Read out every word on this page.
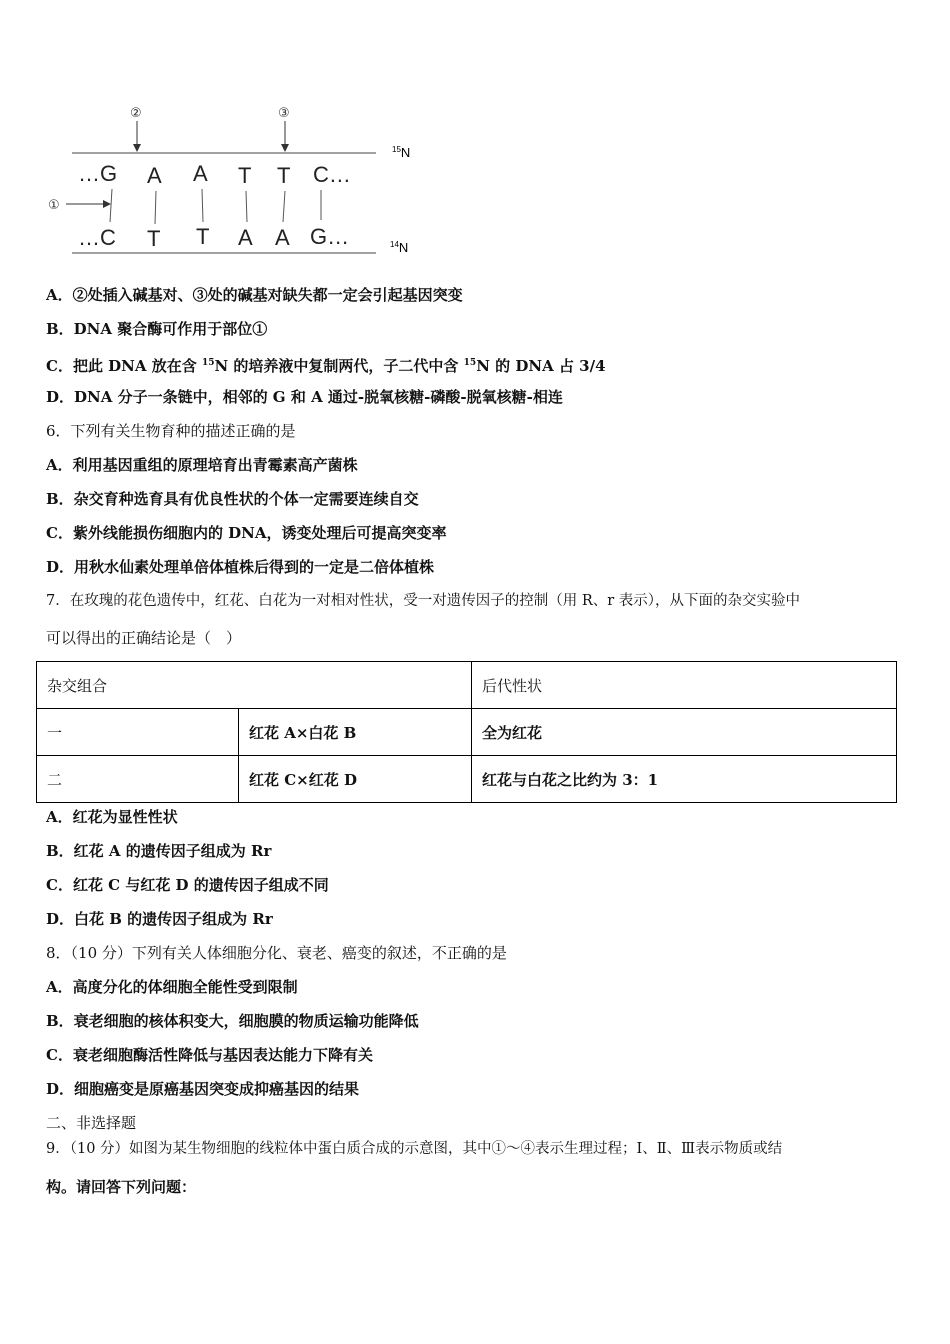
$^{15}$N
$^{14}$N
…G A A T T C…
…C T T A A G…
②	③
①
A．②处插入碱基对、③处的碱基对缺失都一定会引起基因突变
B．DNA 聚合酶可作用于部位①
C．把此 DNA 放在含 $^{15}$N 的培养液中复制两代，子二代中含 $^{15}$N 的 DNA 占 3/4
D．DNA 分子一条链中，相邻的 G 和 A 通过-脱氧核糖-磷酸-脱氧核糖-相连
6．下列有关生物育种的描述正确的是
A．利用基因重组的原理培育出青霉素高产菌株
B．杂交育种选育具有优良性状的个体一定需要连续自交
C．紫外线能损伤细胞内的 DNA，诱变处理后可提高突变率
D．用秋水仙素处理单倍体植株后得到的一定是二倍体植株
7．在玫瑰的花色遗传中，红花、白花为一对相对性状，受一对遗传因子的控制（用 R、r 表示），从下面的杂交实验中
可以得出的正确结论是（　）
杂交组合		后代性状
一	红花 A×白花 B	全为红花
二	红花 C×红花 D	红花与白花之比约为 3：1
A．红花为显性性状
B．红花 A 的遗传因子组成为 Rr
C．红花 C 与红花 D 的遗传因子组成不同
D．白花 B 的遗传因子组成为 Rr
8．（10 分）下列有关人体细胞分化、衰老、癌变的叙述，不正确的是
A．高度分化的体细胞全能性受到限制
B．衰老细胞的核体积变大，细胞膜的物质运输功能降低
C．衰老细胞酶活性降低与基因表达能力下降有关
D．细胞癌变是原癌基因突变成抑癌基因的结果
二、非选择题
9．（10 分）如图为某生物细胞的线粒体中蛋白质合成的示意图，其中①～④表示生理过程；Ⅰ、Ⅱ、Ⅲ表示物质或结
构。请回答下列问题：
